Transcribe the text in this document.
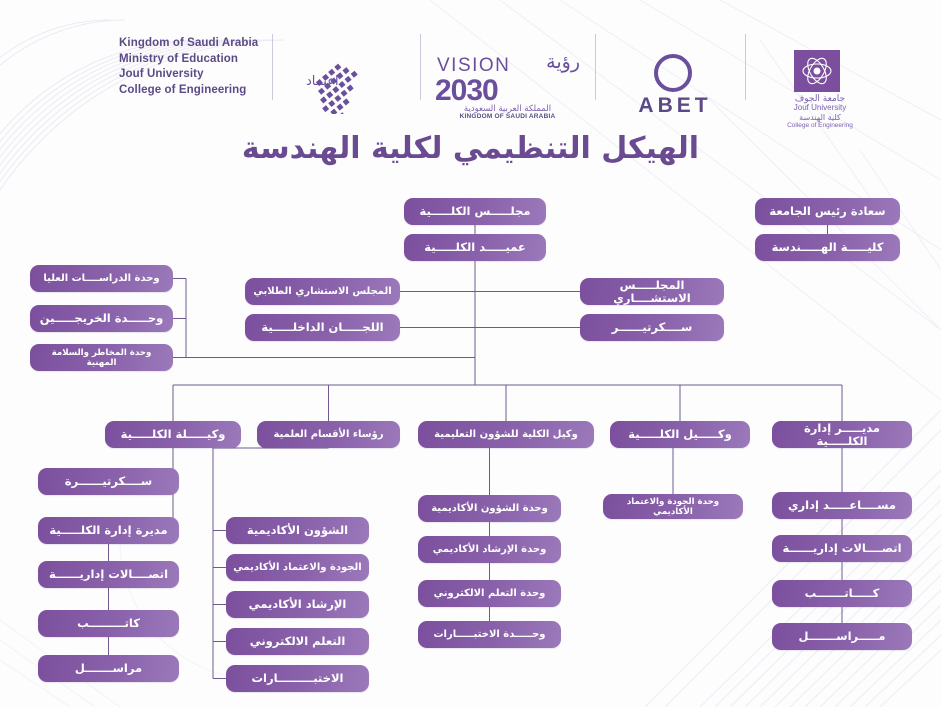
Kingdom of Saudi Arabia
Ministry of Education
Jouf University
College of Engineering
اعتماد
VISION رؤية
2030
المملكة العربية السعودية
KINGDOM OF SAUDI ARABIA	ABET	جامعة الجوف
Jouf University
كلية الهندسة
College of Engineering
الهيكل التنظيمي لكلية الهندسة
سعادة رئيس الجامعة
كليـــــة الهـــــندسة
مجلـــــس الكلـــــية
عميـــــد الكلـــــية
المجلـــــس الاستشــــاري
ســــكرتيــــــر
المجلس الاستشاري الطلابي
اللجـــــان الداخلـــــية
وحدة الدراســــات العليا
وحـــــدة الخريجـــــين
وحدة المخاطر والسلامة المهنية
وكيـــــلة الكلـــــية	رؤساء الأقسام العلمية	وكيل الكلية للشؤون التعليمية	وكـــــيل الكلـــــية	مديـــــر إدارة الكلـــــية
ســــكرتيــــــرة
مديرة إدارة الكلـــــية
اتصــــالات إداريــــــة
كاتـــــــــب
مراســـــــل
الشؤون الأكاديمية
الجودة والاعتماد الأكاديمي
الإرشاد الأكاديمي
التعلم الالكتروني
الاختبـــــــــارات
وحدة الشؤون الأكاديمية
وحدة الإرشاد الأكاديمي
وحدة التعلم الالكتروني
وحـــــدة الاختبـــــارات
وحدة الجودة والاعتماد الأكاديمي	مســــاعـــــد إداري
اتصــــالات إداريــــــة
كـــــاتـــــــب
مـــــراســـــــل
